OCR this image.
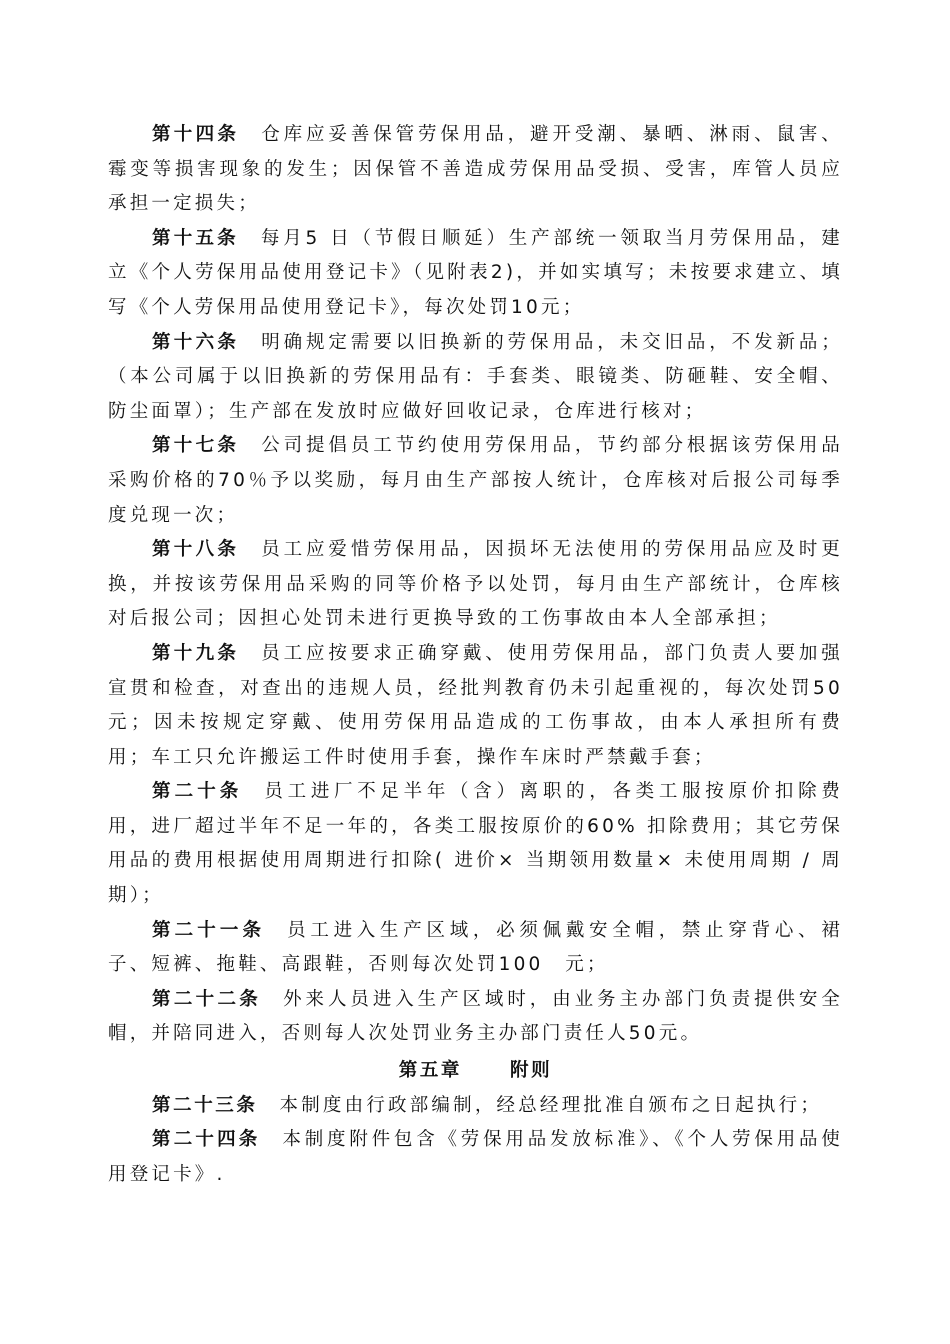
第十四条 仓库应妥善保管劳保用品，避开受潮、暴晒、淋雨、鼠害、霉变等损害现象的发生；因保管不善造成劳保用品受损、受害，库管人员应承担一定损失；

第十五条 每月5 日（节假日顺延）生产部统一领取当月劳保用品，建立《个人劳保用品使用登记卡》（见附表2)，并如实填写；未按要求建立、填写《个人劳保用品使用登记卡》，每次处罚10元；

第十六条 明确规定需要以旧换新的劳保用品，未交旧品，不发新品；（本公司属于以旧换新的劳保用品有：手套类、眼镜类、防砸鞋、安全帽、防尘面罩）；生产部在发放时应做好回收记录，仓库进行核对；

第十七条 公司提倡员工节约使用劳保用品，节约部分根据该劳保用品采购价格的70％予以奖励，每月由生产部按人统计，仓库核对后报公司每季度兑现一次；

第十八条 员工应爱惜劳保用品，因损坏无法使用的劳保用品应及时更换，并按该劳保用品采购的同等价格予以处罚，每月由生产部统计，仓库核对后报公司；因担心处罚未进行更换导致的工伤事故由本人全部承担；

第十九条 员工应按要求正确穿戴、使用劳保用品，部门负责人要加强宣贯和检查，对查出的违规人员，经批判教育仍未引起重视的，每次处罚50元；因未按规定穿戴、使用劳保用品造成的工伤事故，由本人承担所有费用；车工只允许搬运工件时使用手套，操作车床时严禁戴手套；

第二十条 员工进厂不足半年（含）离职的，各类工服按原价扣除费用，进厂超过半年不足一年的，各类工服按原价的60% 扣除费用；其它劳保用品的费用根据使用周期进行扣除( 进价× 当期领用数量× 未使用周期 / 周期）；

第二十一条 员工进入生产区域，必须佩戴安全帽，禁止穿背心、裙子、短裤、拖鞋、高跟鞋，否则每次处罚100　元；

第二十二条 外来人员进入生产区域时，由业务主办部门负责提供安全帽，并陪同进入，否则每人次处罚业务主办部门责任人50元。

第五章	附则

第二十三条 本制度由行政部编制，经总经理批准自颁布之日起执行；

第二十四条 本制度附件包含《劳保用品发放标准》、《个人劳保用品使用登记卡》.
